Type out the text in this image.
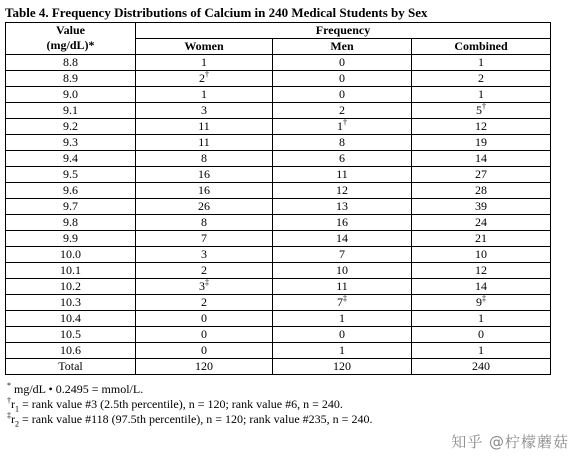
Table 4. Frequency Distributions of Calcium in 240 Medical Students by Sex
Value
(mg/dL)*	Frequency		
	Women	Men	Combined
8.8	1	0	1
8.9	2†	0	2
9.0	1	0	1
9.1	3	2	5†
9.2	11	1†	12
9.3	11	8	19
9.4	8	6	14
9.5	16	11	27
9.6	16	12	28
9.7	26	13	39
9.8	8	16	24
9.9	7	14	21
10.0	3	7	10
10.1	2	10	12
10.2	3‡	11	14
10.3	2	7‡	9‡
10.4	0	1	1
10.5	0	0	0
10.6	0	1	1
Total	120	120	240
* mg/dL • 0.2495 = mmol/L.
$^\dagger r_1$ = rank value #3 (2.5th percentile), n = 120; rank value #6, n = 240.
$^\ddagger r_2$ = rank value #118 (97.5th percentile), n = 120; rank value #235, n = 240.
知乎 @柠檬蘑菇
